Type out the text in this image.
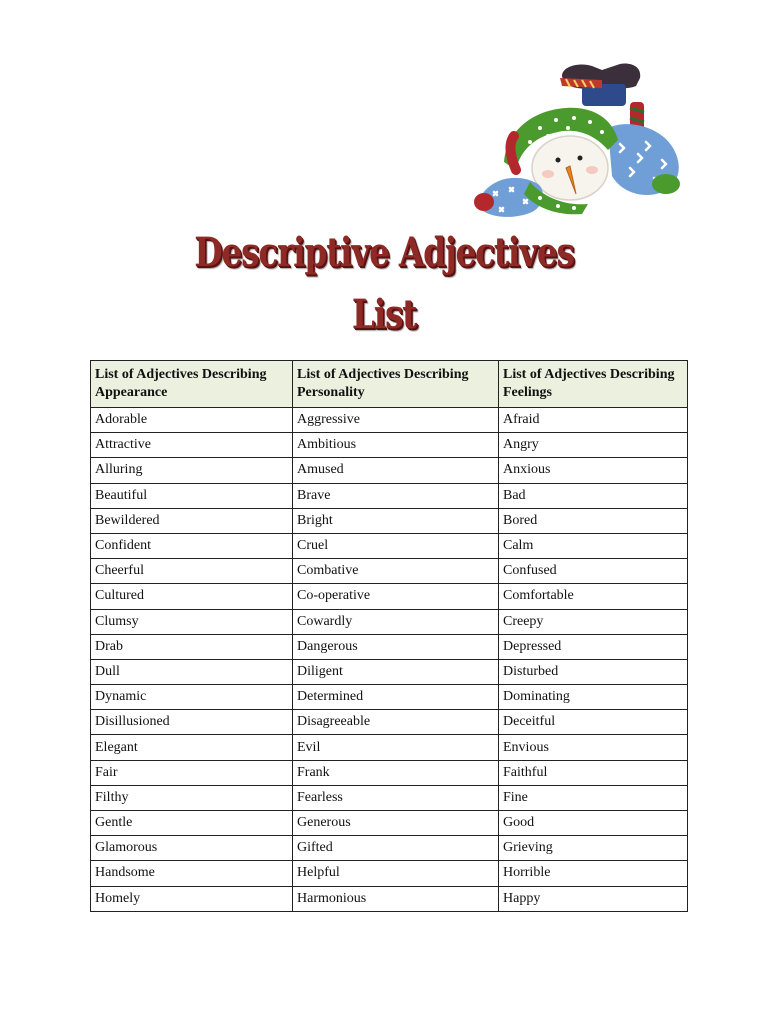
Descriptive Adjectives List
List of Adjectives Describing Appearance	List of Adjectives Describing Personality	List of Adjectives Describing Feelings
Adorable	Aggressive	Afraid
Attractive	Ambitious	Angry
Alluring	Amused	Anxious
Beautiful	Brave	Bad
Bewildered	Bright	Bored
Confident	Cruel	Calm
Cheerful	Combative	Confused
Cultured	Co-operative	Comfortable
Clumsy	Cowardly	Creepy
Drab	Dangerous	Depressed
Dull	Diligent	Disturbed
Dynamic	Determined	Dominating
Disillusioned	Disagreeable	Deceitful
Elegant	Evil	Envious
Fair	Frank	Faithful
Filthy	Fearless	Fine
Gentle	Generous	Good
Glamorous	Gifted	Grieving
Handsome	Helpful	Horrible
Homely	Harmonious	Happy
